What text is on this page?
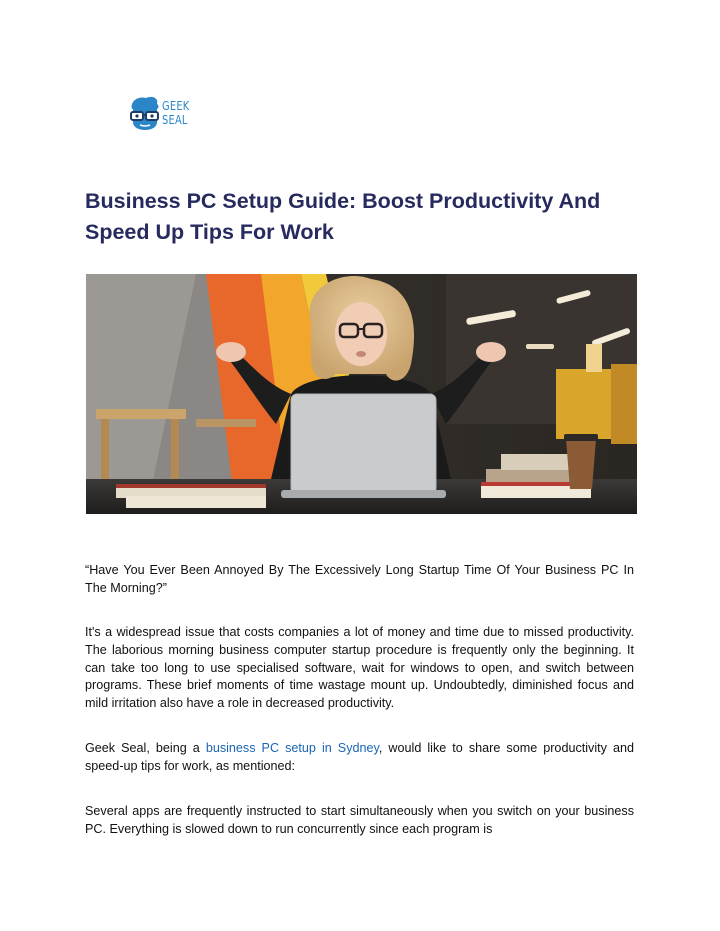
GEEK
SEAL
Business PC Setup Guide: Boost Productivity And Speed Up Tips For Work

“Have You Ever Been Annoyed By The Excessively Long Startup Time Of Your Business PC In The Morning?”

It's a widespread issue that costs companies a lot of money and time due to missed productivity. The laborious morning business computer startup procedure is frequently only the beginning. It can take too long to use specialised software, wait for windows to open, and switch between programs. These brief moments of time wastage mount up. Undoubtedly, diminished focus and mild irritation also have a role in decreased productivity.

Geek Seal, being a business PC setup in Sydney, would like to share some productivity and speed-up tips for work, as mentioned:

Several apps are frequently instructed to start simultaneously when you switch on your business PC. Everything is slowed down to run concurrently since each program is
